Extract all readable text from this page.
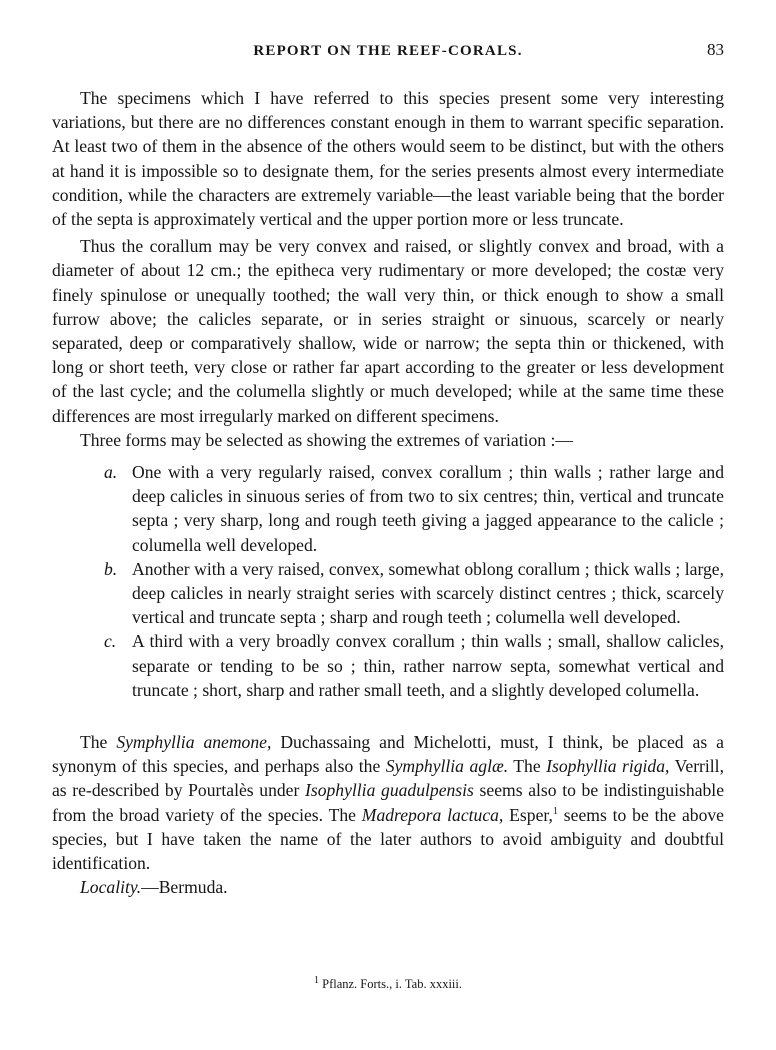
REPORT ON THE REEF-CORALS.	83

The specimens which I have referred to this species present some very interesting variations, but there are no differences constant enough in them to warrant specific separation. At least two of them in the absence of the others would seem to be distinct, but with the others at hand it is impossible so to designate them, for the series presents almost every intermediate condition, while the characters are extremely variable—the least variable being that the border of the septa is approximately vertical and the upper portion more or less truncate.

Thus the corallum may be very convex and raised, or slightly convex and broad, with a diameter of about 12 cm.; the epitheca very rudimentary or more developed; the costæ very finely spinulose or unequally toothed; the wall very thin, or thick enough to show a small furrow above; the calicles separate, or in series straight or sinuous, scarcely or nearly separated, deep or comparatively shallow, wide or narrow; the septa thin or thickened, with long or short teeth, very close or rather far apart according to the greater or less development of the last cycle; and the columella slightly or much developed; while at the same time these differences are most irregularly marked on different specimens.

Three forms may be selected as showing the extremes of variation :—

a. One with a very regularly raised, convex corallum ; thin walls ; rather large and deep calicles in sinuous series of from two to six centres; thin, vertical and truncate septa ; very sharp, long and rough teeth giving a jagged appearance to the calicle ; columella well developed.
b. Another with a very raised, convex, somewhat oblong corallum ; thick walls ; large, deep calicles in nearly straight series with scarcely distinct centres ; thick, scarcely vertical and truncate septa ; sharp and rough teeth ; columella well developed.
c. A third with a very broadly convex corallum ; thin walls ; small, shallow calicles, separate or tending to be so ; thin, rather narrow septa, somewhat vertical and truncate ; short, sharp and rather small teeth, and a slightly developed columella.

The Symphyllia anemone, Duchassaing and Michelotti, must, I think, be placed as a synonym of this species, and perhaps also the Symphyllia aglæ. The Isophyllia rigida, Verrill, as re-described by Pourtalès under Isophyllia guadulpensis seems also to be indistinguishable from the broad variety of the species. The Madrepora lactuca, Esper,$^1$ seems to be the above species, but I have taken the name of the later authors to avoid ambiguity and doubtful identification.

Locality.—Bermuda.

$^1$ Pflanz. Forts., i. Tab. xxxiii.
